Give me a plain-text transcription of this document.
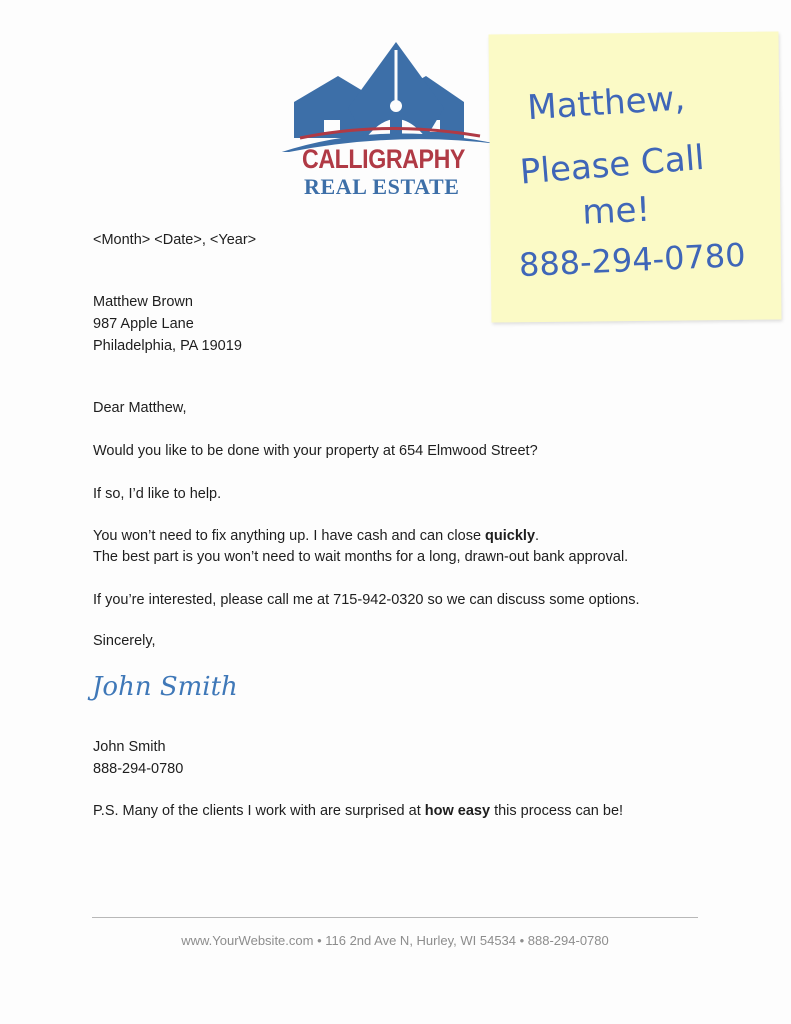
CALLIGRAPHY
REAL ESTATE
<Month> <Date>, <Year>
Matthew Brown
987 Apple Lane
Philadelphia, PA 19019
Dear Matthew,
Would you like to be done with your property at 654 Elmwood Street?
If so, I’d like to help.
You won’t need to fix anything up. I have cash and can close quickly.
The best part is you won’t need to wait months for a long, drawn-out bank approval.
If you’re interested, please call me at 715-942-0320 so we can discuss some options.
Sincerely,
John Smith
John Smith
888-294-0780
P.S. Many of the clients I work with are surprised at how easy this process can be!
www.YourWebsite.com • 116 2nd Ave N, Hurley, WI 54534 • 888-294-0780
Matthew,
Please Call
me!
888-294-0780
